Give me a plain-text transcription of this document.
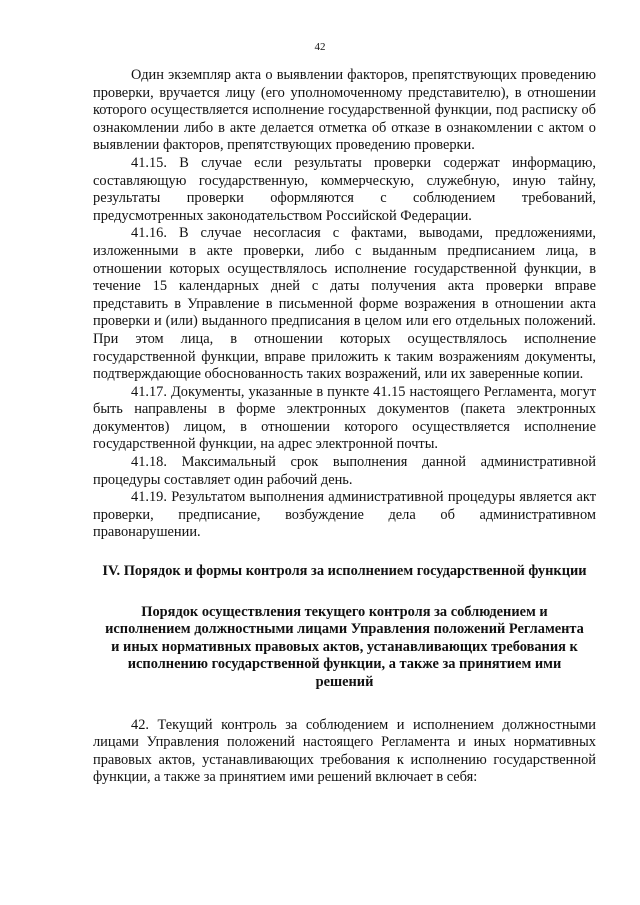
42

Один экземпляр акта о выявлении факторов, препятствующих проведению проверки, вручается лицу (его уполномоченному представителю), в отношении которого осуществляется исполнение государственной функции, под расписку об ознакомлении либо в акте делается отметка об отказе в ознакомлении с актом о выявлении факторов, препятствующих проведению проверки.

41.15. В случае если результаты проверки содержат информацию, составляющую государственную, коммерческую, служебную, иную тайну, результаты проверки оформляются с соблюдением требований, предусмотренных законодательством Российской Федерации.

41.16. В случае несогласия с фактами, выводами, предложениями, изложенными в акте проверки, либо с выданным предписанием лица, в отношении которых осуществлялось исполнение государственной функции, в течение 15 календарных дней с даты получения акта проверки вправе представить в Управление в письменной форме возражения в отношении акта проверки и (или) выданного предписания в целом или его отдельных положений. При этом лица, в отношении которых осуществлялось исполнение государственной функции, вправе приложить к таким возражениям документы, подтверждающие обоснованность таких возражений, или их заверенные копии.

41.17. Документы, указанные в пункте 41.15 настоящего Регламента, могут быть направлены в форме электронных документов (пакета электронных документов) лицом, в отношении которого осуществляется исполнение государственной функции, на адрес электронной почты.

41.18. Максимальный срок выполнения данной административной процедуры составляет один рабочий день.

41.19. Результатом выполнения административной процедуры является акт проверки, предписание, возбуждение дела об административном правонарушении.

IV. Порядок и формы контроля за исполнением государственной функции
Порядок осуществления текущего контроля за соблюдением и исполнением должностными лицами Управления положений Регламента и иных нормативных правовых актов, устанавливающих требования к исполнению государственной функции, а также за принятием ими решений

42. Текущий контроль за соблюдением и исполнением должностными лицами Управления положений настоящего Регламента и иных нормативных правовых актов, устанавливающих требования к исполнению государственной функции, а также за принятием ими решений включает в себя:
